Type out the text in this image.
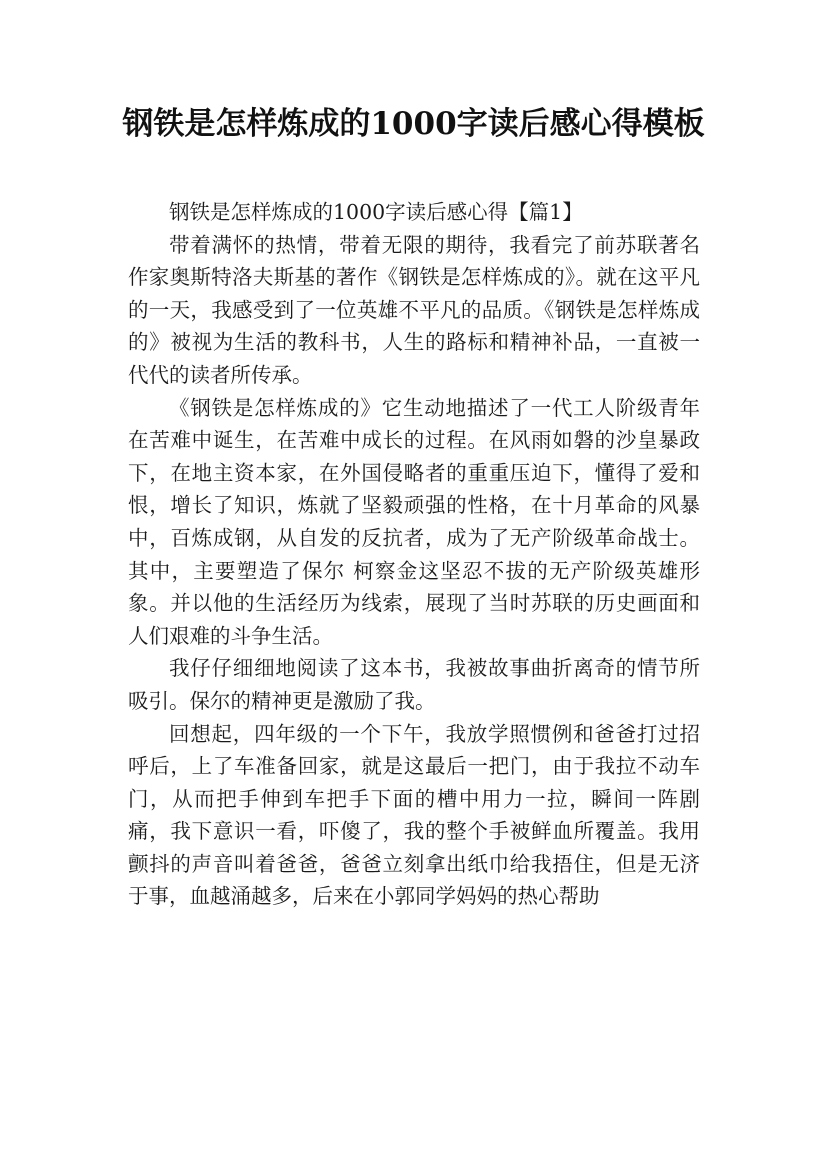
钢铁是怎样炼成的1000字读后感心得模板

钢铁是怎样炼成的1000字读后感心得【篇1】

带着满怀的热情，带着无限的期待，我看完了前苏联著名作家奥斯特洛夫斯基的著作《钢铁是怎样炼成的》。就在这平凡的一天，我感受到了一位英雄不平凡的品质。《钢铁是怎样炼成的》被视为生活的教科书，人生的路标和精神补品，一直被一代代的读者所传承。

《钢铁是怎样炼成的》它生动地描述了一代工人阶级青年在苦难中诞生，在苦难中成长的过程。在风雨如磐的沙皇暴政下，在地主资本家，在外国侵略者的重重压迫下，懂得了爱和恨，增长了知识，炼就了坚毅顽强的性格，在十月革命的风暴中，百炼成钢，从自发的反抗者，成为了无产阶级革命战士。其中，主要塑造了保尔 柯察金这坚忍不拔的无产阶级英雄形象。并以他的生活经历为线索，展现了当时苏联的历史画面和人们艰难的斗争生活。

我仔仔细细地阅读了这本书，我被故事曲折离奇的情节所吸引。保尔的精神更是激励了我。

回想起，四年级的一个下午，我放学照惯例和爸爸打过招呼后，上了车准备回家，就是这最后一把门，由于我拉不动车门，从而把手伸到车把手下面的槽中用力一拉，瞬间一阵剧痛，我下意识一看，吓傻了，我的整个手被鲜血所覆盖。我用颤抖的声音叫着爸爸，爸爸立刻拿出纸巾给我捂住，但是无济于事，血越涌越多，后来在小郭同学妈妈的热心帮助
